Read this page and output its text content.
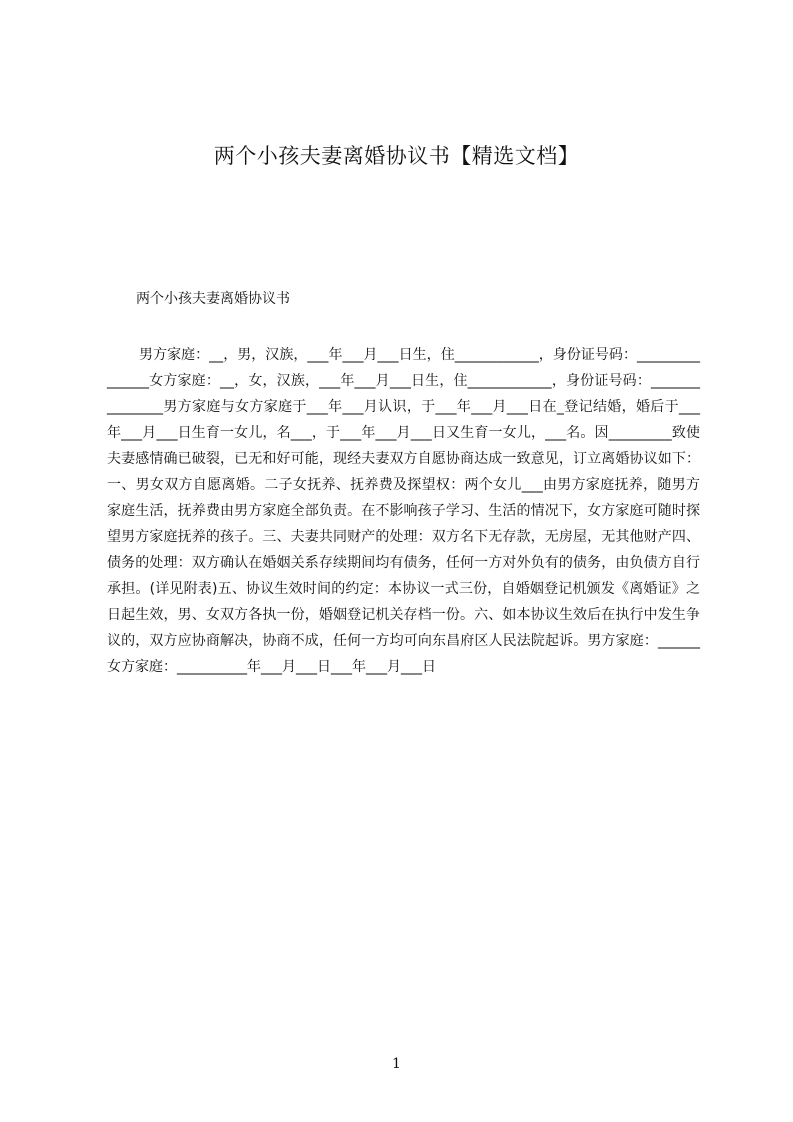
两个小孩夫妻离婚协议书【精选文档】
两个小孩夫妻离婚协议书

男方家庭：__，男，汉族，___年___月___日生，住____________，身份证号码：_______________女方家庭：__，女，汉族，___年___月___日生，住____________，身份证号码：_______________男方家庭与女方家庭于___年___月认识，于___年___月___日在_登记结婚，婚后于___年___月___日生育一女儿，名___，于___年___月___日又生育一女儿，___名。因_________致使夫妻感情确已破裂，已无和好可能，现经夫妻双方自愿协商达成一致意见，订立离婚协议如下：一、男女双方自愿离婚。二子女抚养、抚养费及探望权：两个女儿___由男方家庭抚养，随男方家庭生活，抚养费由男方家庭全部负责。在不影响孩子学习、生活的情况下，女方家庭可随时探望男方家庭抚养的孩子。三、夫妻共同财产的处理：双方名下无存款，无房屋，无其他财产四、债务的处理：双方确认在婚姻关系存续期间均有债务，任何一方对外负有的债务，由负债方自行承担。(详见附表)五、协议生效时间的约定：本协议一式三份，自婚姻登记机颁发《离婚证》之日起生效，男、女双方各执一份，婚姻登记机关存档一份。六、如本协议生效后在执行中发生争议的，双方应协商解决，协商不成，任何一方均可向东昌府区人民法院起诉。男方家庭：______女方家庭：__________年___月___日___年___月___日

1
